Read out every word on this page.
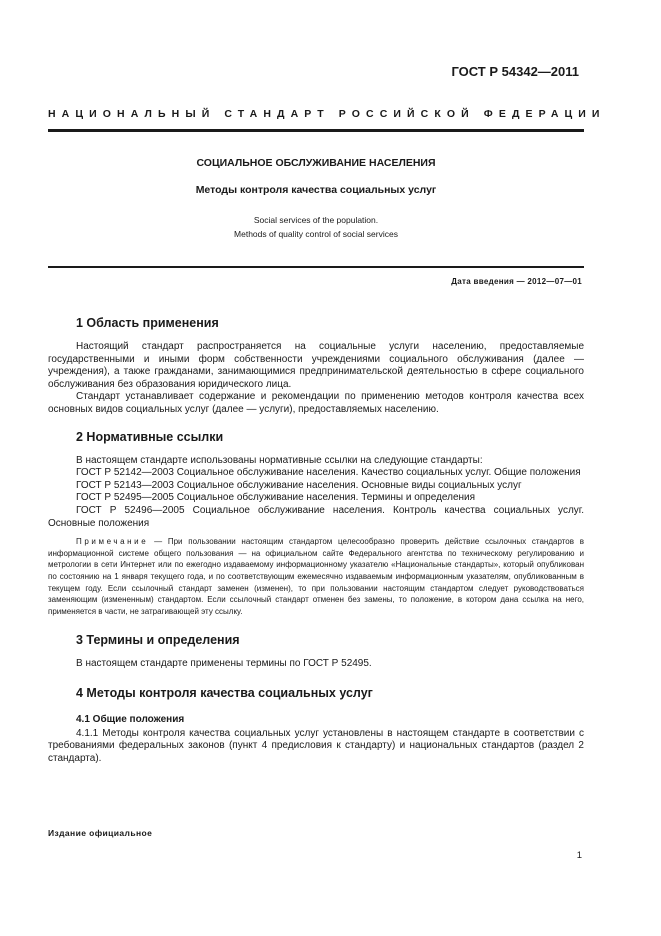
ГОСТ Р 54342—2011
НАЦИОНАЛЬНЫЙ СТАНДАРТ РОССИЙСКОЙ ФЕДЕРАЦИИ
СОЦИАЛЬНОЕ ОБСЛУЖИВАНИЕ НАСЕЛЕНИЯ
Методы контроля качества социальных услуг
Social services of the population.
Methods of quality control of social services
Дата введения — 2012—07—01
1 Область применения

Настоящий стандарт распространяется на социальные услуги населению, предоставляемые государственными и иными форм собственности учреждениями социального обслуживания (далее — учреждения), а также гражданами, занимающимися предпринимательской деятельностью в сфере социального обслуживания без образования юридического лица.

Стандарт устанавливает содержание и рекомендации по применению методов контроля качества всех основных видов социальных услуг (далее — услуги), предоставляемых населению.

2 Нормативные ссылки

В настоящем стандарте использованы нормативные ссылки на следующие стандарты:

ГОСТ Р 52142—2003 Социальное обслуживание населения. Качество социальных услуг. Общие положения

ГОСТ Р 52143—2003 Социальное обслуживание населения. Основные виды социальных услуг

ГОСТ Р 52495—2005 Социальное обслуживание населения. Термины и определения

ГОСТ Р 52496—2005 Социальное обслуживание населения. Контроль качества социальных услуг. Основные положения

Примечание — При пользовании настоящим стандартом целесообразно проверить действие ссылочных стандартов в информационной системе общего пользования — на официальном сайте Федерального агентства по техническому регулированию и метрологии в сети Интернет или по ежегодно издаваемому информационному указателю «Национальные стандарты», который опубликован по состоянию на 1 января текущего года, и по соответствующим ежемесячно издаваемым информационным указателям, опубликованным в текущем году. Если ссылочный стандарт заменен (изменен), то при пользовании настоящим стандартом следует руководствоваться заменяющим (измененным) стандартом. Если ссылочный стандарт отменен без замены, то положение, в котором дана ссылка на него, применяется в части, не затрагивающей эту ссылку.

3 Термины и определения

В настоящем стандарте применены термины по ГОСТ Р 52495.

4 Методы контроля качества социальных услуг
4.1 Общие положения

4.1.1 Методы контроля качества социальных услуг установлены в настоящем стандарте в соответствии с требованиями федеральных законов (пункт 4 предисловия к стандарту) и национальных стандартов (раздел 2 стандарта).

Издание официальное
1
